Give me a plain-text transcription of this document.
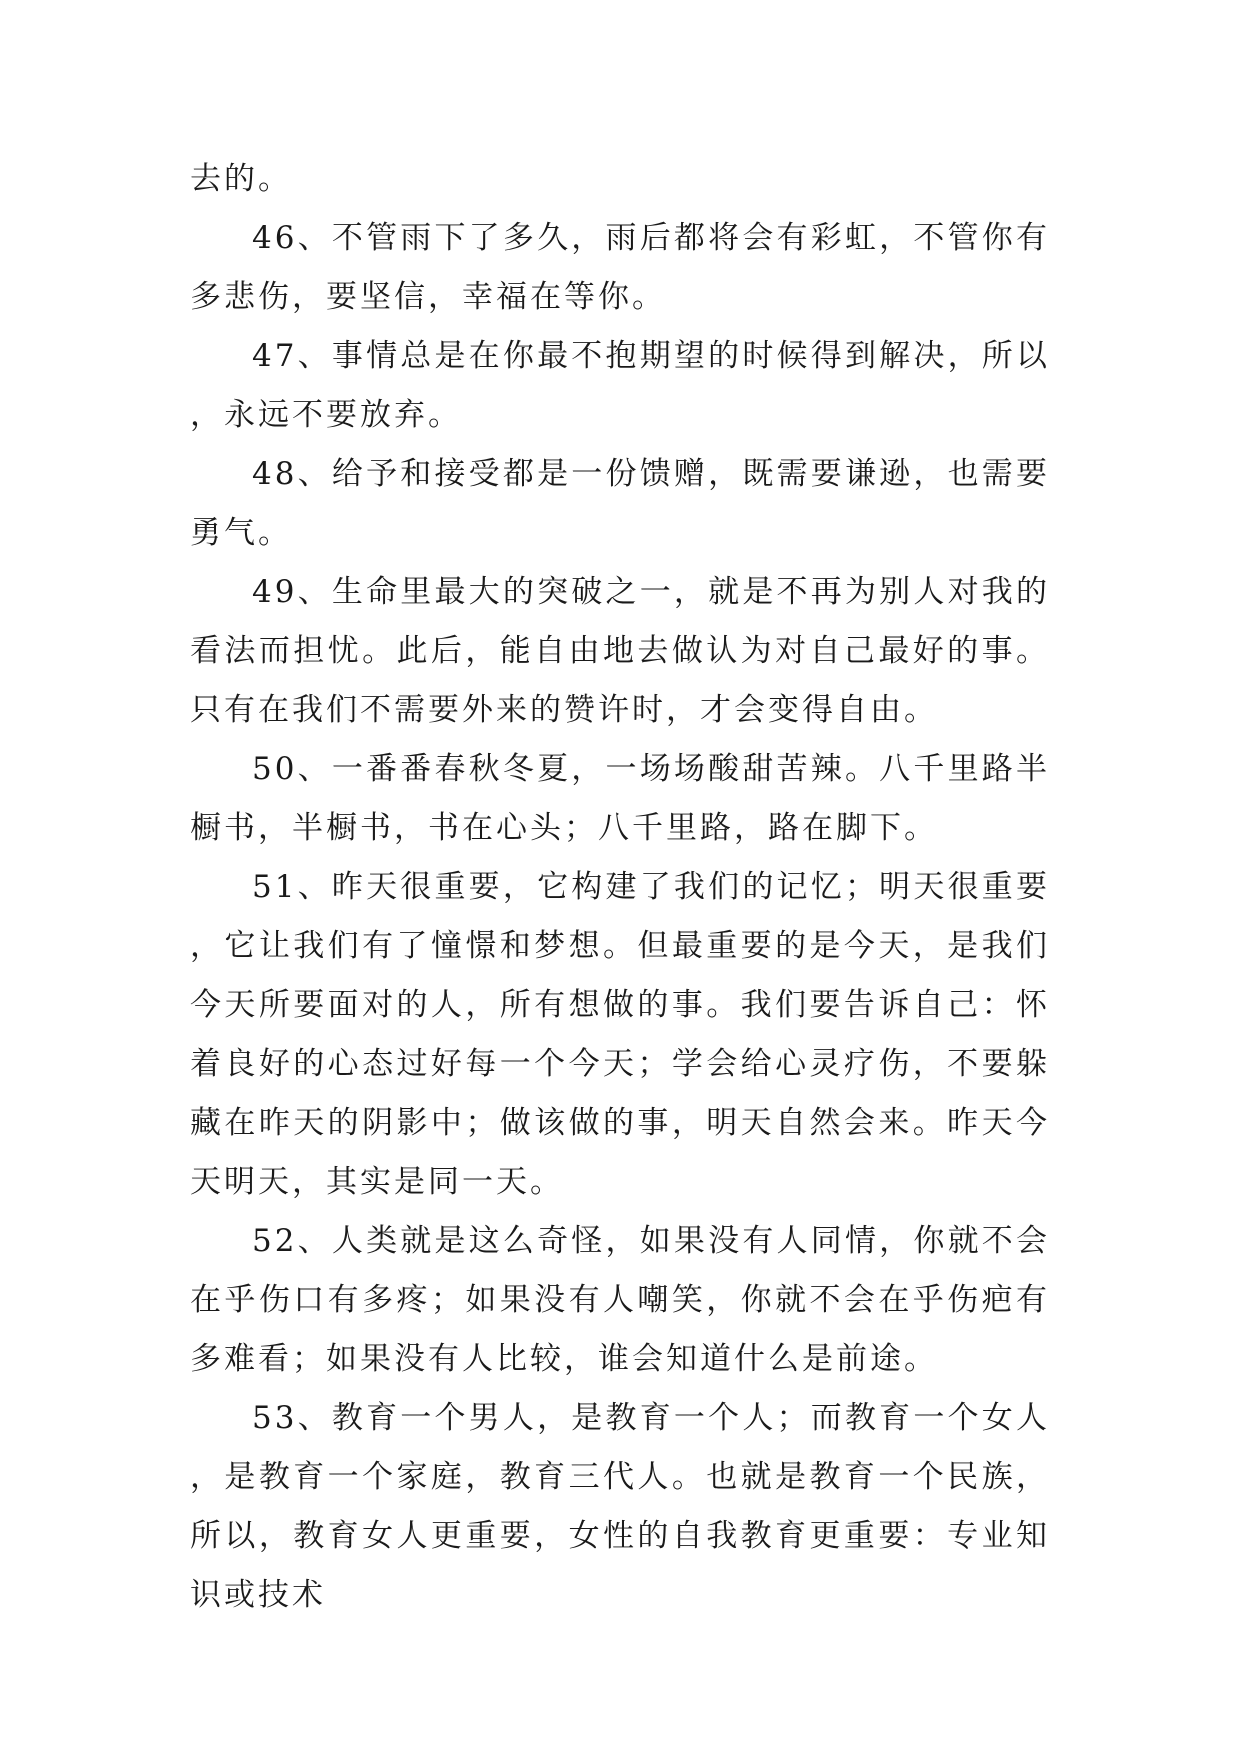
去的。

46、不管雨下了多久，雨后都将会有彩虹，不管你有多悲伤，要坚信，幸福在等你。

47、事情总是在你最不抱期望的时候得到解决，所以，永远不要放弃。

48、给予和接受都是一份馈赠，既需要谦逊，也需要勇气。

49、生命里最大的突破之一，就是不再为别人对我的看法而担忧。此后，能自由地去做认为对自己最好的事。只有在我们不需要外来的赞许时，才会变得自由。

50、一番番春秋冬夏，一场场酸甜苦辣。八千里路半橱书，半橱书，书在心头；八千里路，路在脚下。

51、昨天很重要，它构建了我们的记忆；明天很重要，它让我们有了憧憬和梦想。但最重要的是今天，是我们今天所要面对的人，所有想做的事。我们要告诉自己：怀着良好的心态过好每一个今天；学会给心灵疗伤，不要躲藏在昨天的阴影中；做该做的事，明天自然会来。昨天今天明天，其实是同一天。

52、人类就是这么奇怪，如果没有人同情，你就不会在乎伤口有多疼；如果没有人嘲笑，你就不会在乎伤疤有多难看；如果没有人比较，谁会知道什么是前途。

53、教育一个男人，是教育一个人；而教育一个女人，是教育一个家庭，教育三代人。也就是教育一个民族，所以，教育女人更重要，女性的自我教育更重要：专业知识或技术
